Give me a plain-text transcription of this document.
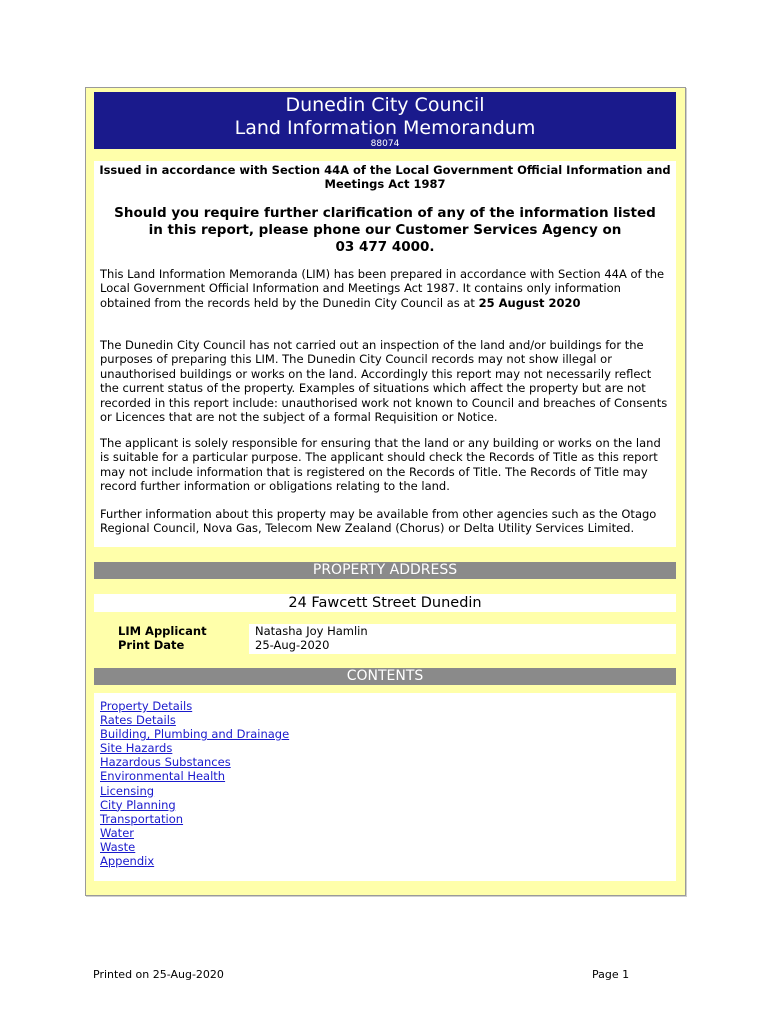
Dunedin City Council
Land Information Memorandum
88074
Issued in accordance with Section 44A of the Local Government Official Information and Meetings Act 1987
Should you require further clarification of any of the information listed
in this report, please phone our Customer Services Agency on
03 477 4000.
This Land Information Memoranda (LIM) has been prepared in accordance with Section 44A of the Local Government Official Information and Meetings Act 1987. It contains only information obtained from the records held by the Dunedin City Council as at 25 August 2020
The Dunedin City Council has not carried out an inspection of the land and/or buildings for the purposes of preparing this LIM. The Dunedin City Council records may not show illegal or unauthorised buildings or works on the land. Accordingly this report may not necessarily reflect the current status of the property. Examples of situations which affect the property but are not recorded in this report include: unauthorised work not known to Council and breaches of Consents or Licences that are not the subject of a formal Requisition or Notice.
The applicant is solely responsible for ensuring that the land or any building or works on the land is suitable for a particular purpose. The applicant should check the Records of Title as this report may not include information that is registered on the Records of Title. The Records of Title may record further information or obligations relating to the land.
Further information about this property may be available from other agencies such as the Otago Regional Council, Nova Gas, Telecom New Zealand (Chorus) or Delta Utility Services Limited.
PROPERTY ADDRESS
24 Fawcett Street Dunedin
LIM Applicant
Print Date
Natasha Joy Hamlin
25-Aug-2020
CONTENTS
Property Details
Rates Details
Building, Plumbing and Drainage
Site Hazards
Hazardous Substances
Environmental Health
Licensing
City Planning
Transportation
Water
Waste
Appendix
Printed on 25-Aug-2020	Page 1
